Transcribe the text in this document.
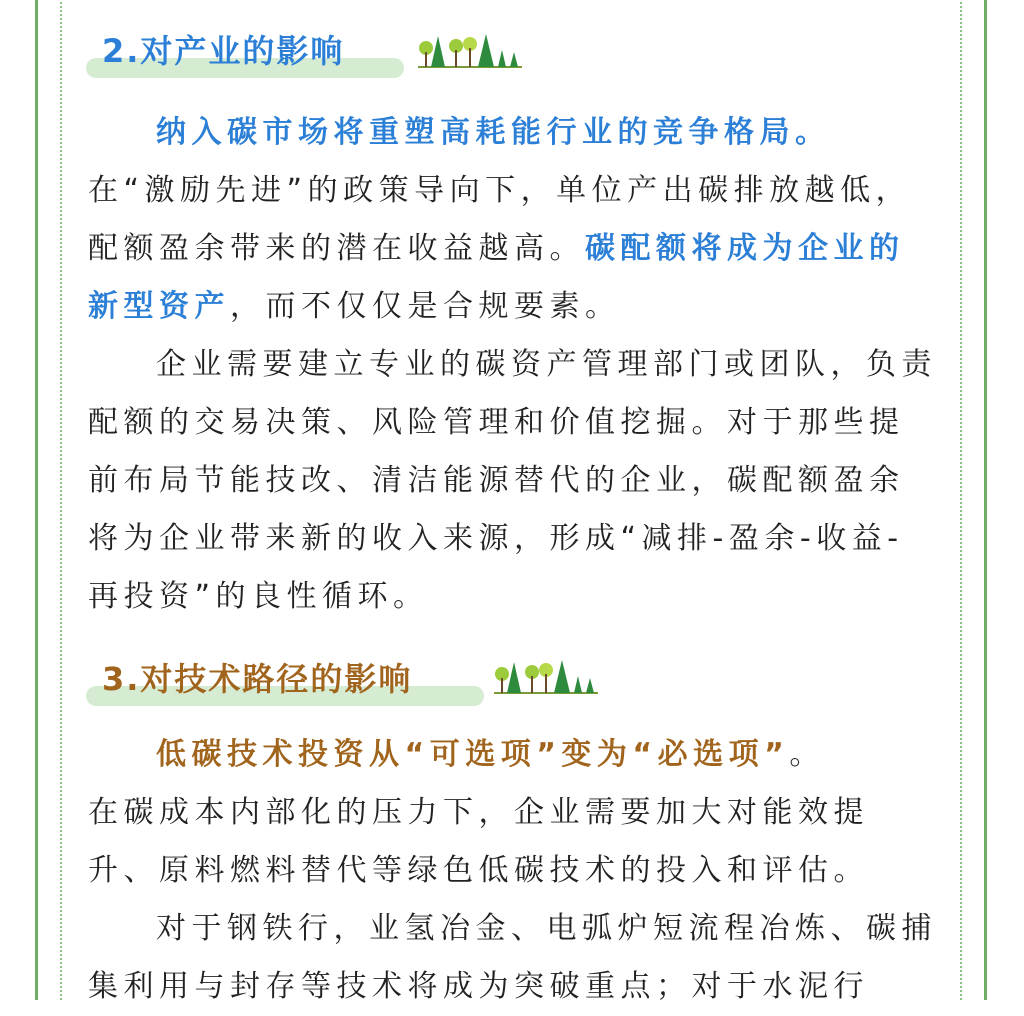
2.对产业的影响

纳入碳市场将重塑高耗能行业的竞争格局。

在“激励先进”的政策导向下，单位产出碳排放越低，配额盈余带来的潜在收益越高。碳配额将成为企业的新型资产，而不仅仅是合规要素。

企业需要建立专业的碳资产管理部门或团队，负责配额的交易决策、风险管理和价值挖掘。对于那些提前布局节能技改、清洁能源替代的企业，碳配额盈余将为企业带来新的收入来源，形成“减排-盈余-收益-再投资”的良性循环。

3.对技术路径的影响

低碳技术投资从“可选项”变为“必选项”。

在碳成本内部化的压力下，企业需要加大对能效提升、原料燃料替代等绿色低碳技术的投入和评估。

对于钢铁行，业氢冶金、电弧炉短流程冶炼、碳捕集利用与封存等技术将成为突破重点；对于水泥行
